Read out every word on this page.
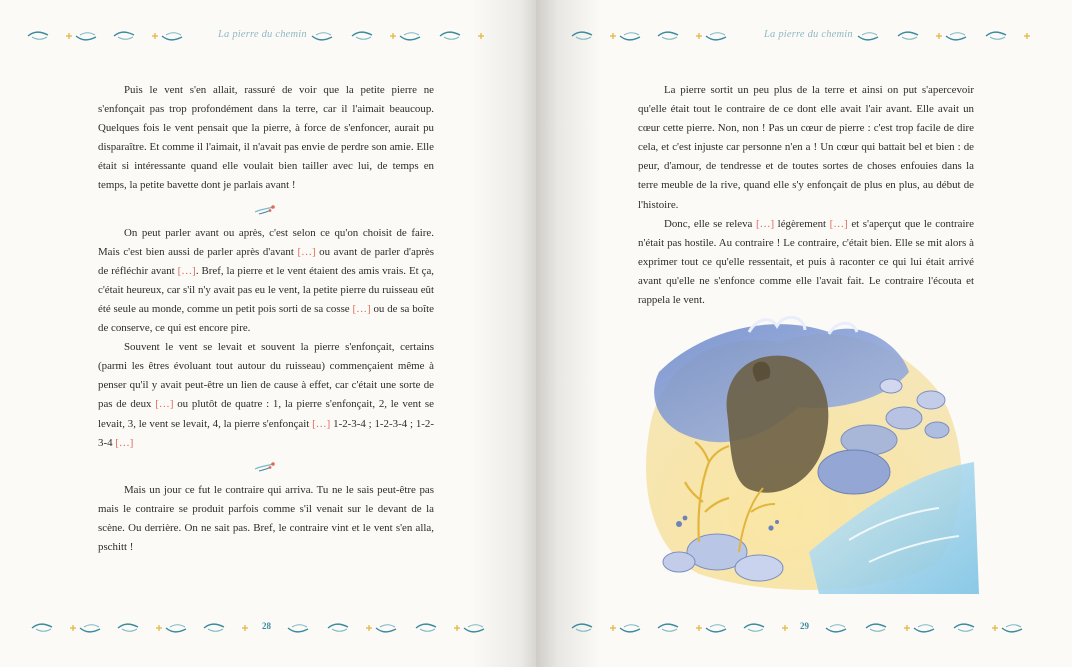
La pierre du chemin

Puis le vent s'en allait, rassuré de voir que la petite pierre ne s'enfonçait pas trop profondément dans la terre, car il l'aimait beaucoup. Quelques fois le vent pensait que la pierre, à force de s'enfoncer, aurait pu disparaître. Et comme il l'aimait, il n'avait pas envie de perdre son amie. Elle était si intéressante quand elle voulait bien tailler avec lui, de temps en temps, la petite bavette dont je parlais avant !

On peut parler avant ou après, c'est selon ce qu'on choisit de faire. Mais c'est bien aussi de parler après d'avant […] ou avant de parler d'après de réfléchir avant […]. Bref, la pierre et le vent étaient des amis vrais. Et ça, c'était heureux, car s'il n'y avait pas eu le vent, la petite pierre du ruisseau eût été seule au monde, comme un petit pois sorti de sa cosse […] ou de sa boîte de conserve, ce qui est encore pire.

Souvent le vent se levait et souvent la pierre s'enfonçait, certains (parmi les êtres évoluant tout autour du ruisseau) commençaient même à penser qu'il y avait peut-être un lien de cause à effet, car c'était une sorte de pas de deux […] ou plutôt de quatre : 1, la pierre s'enfonçait, 2, le vent se levait, 3, le vent se levait, 4, la pierre s'enfonçait […] 1-2-3-4 ; 1-2-3-4 ; 1-2-3-4 […]

Mais un jour ce fut le contraire qui arriva. Tu ne le sais peut-être pas mais le contraire se produit parfois comme s'il venait sur le devant de la scène. Ou derrière. On ne sait pas. Bref, le contraire vint et le vent s'en alla, pschitt !

28
La pierre du chemin

La pierre sortit un peu plus de la terre et ainsi on put s'apercevoir qu'elle était tout le contraire de ce dont elle avait l'air avant. Elle avait un cœur cette pierre. Non, non ! Pas un cœur de pierre : c'est trop facile de dire cela, et c'est injuste car personne n'en a ! Un cœur qui battait bel et bien : de peur, d'amour, de tendresse et de toutes sortes de choses enfouies dans la terre meuble de la rive, quand elle s'y enfonçait de plus en plus, au début de l'histoire.

Donc, elle se releva […] légèrement […] et s'aperçut que le contraire n'était pas hostile. Au contraire ! Le contraire, c'était bien. Elle se mit alors à exprimer tout ce qu'elle ressentait, et puis à raconter ce qui lui était arrivé avant qu'elle ne s'enfonce comme elle l'avait fait. Le contraire l'écouta et rappela le vent.

29
